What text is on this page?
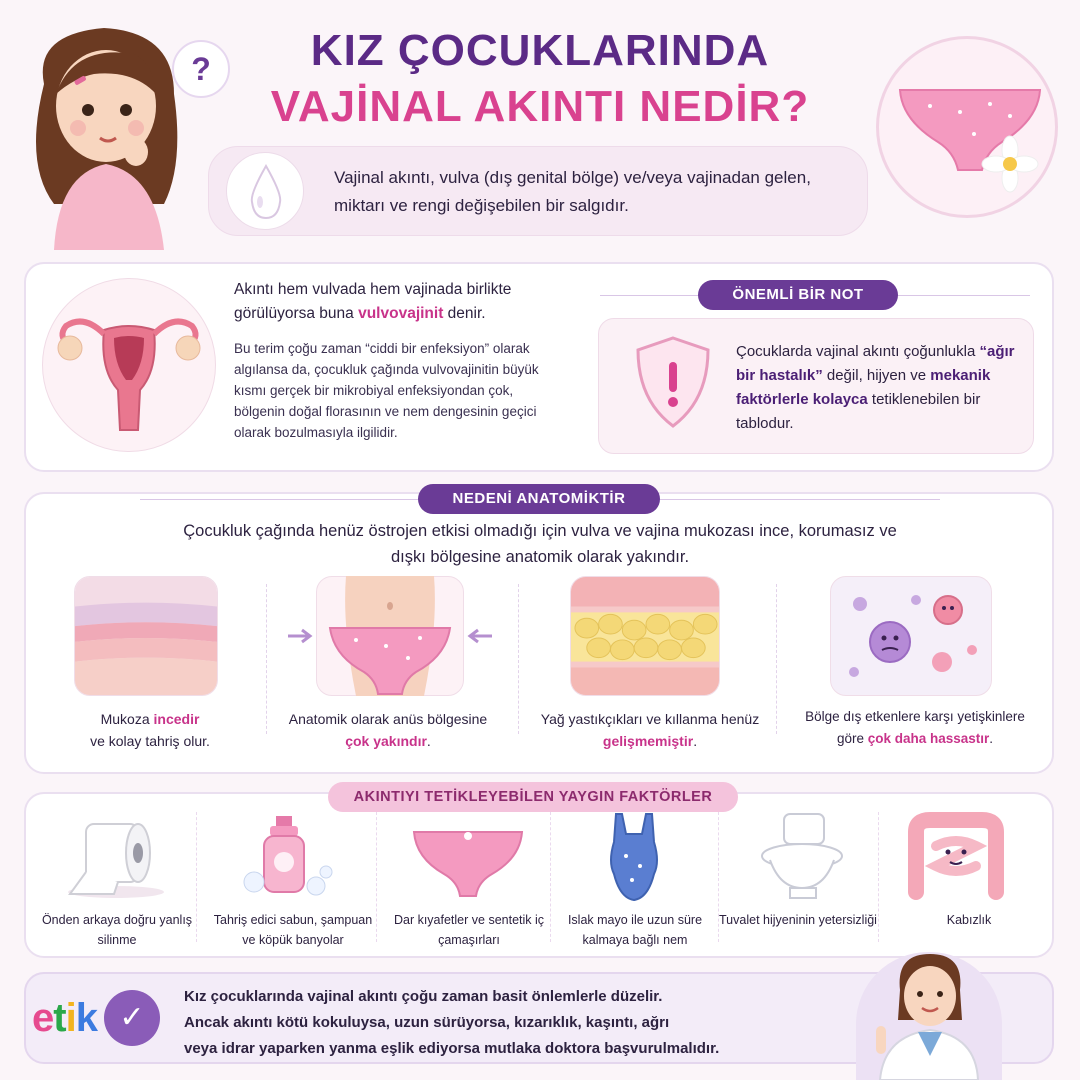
KIZ ÇOCUKLARINDA
VAJİNAL AKINTI NEDİR?
?
Vajinal akıntı, vulva (dış genital bölge) ve/veya vajinadan gelen, miktarı ve rengi değişebilen bir salgıdır.
Akıntı hem vulvada hem vajinada birlikte görülüyorsa buna vulvovajinit denir.
Bu terim çoğu zaman “ciddi bir enfeksiyon” olarak algılansa da, çocukluk çağında vulvovajinitin büyük kısmı gerçek bir mikrobiyal enfeksiyondan çok, bölgenin doğal florasının ve nem dengesinin geçici olarak bozulmasıyla ilgilidir.
ÖNEMLİ BİR NOT
Çocuklarda vajinal akıntı çoğunlukla “ağır bir hastalık” değil, hijyen ve mekanik faktörlerle kolayca tetiklenebilen bir tablodur.
NEDENİ ANATOMİKTİR
Çocukluk çağında henüz östrojen etkisi olmadığı için vulva ve vajina mukozası ince, korumasız ve dışkı bölgesine anatomik olarak yakındır.
Mukoza incedir
ve kolay tahriş olur.
Anatomik olarak anüs bölgesine çok yakındır.
Yağ yastıkçıkları ve kıllanma henüz gelişmemiştir.
Bölge dış etkenlere karşı yetişkinlere göre çok daha hassastır.
AKINTIYI TETİKLEYEBİLEN YAYGIN FAKTÖRLER
Önden arkaya doğru yanlış silinme
Tahriş edici sabun, şampuan ve köpük banyolar
Dar kıyafetler ve sentetik iç çamaşırları
Islak mayo ile uzun süre kalmaya bağlı nem
Tuvalet hijyeninin yetersizliği	Kabızlık
etik ✓
Kız çocuklarında vajinal akıntı çoğu zaman basit önlemlerle düzelir.
Ancak akıntı kötü kokuluysa, uzun sürüyorsa, kızarıklık, kaşıntı, ağrı
veya idrar yaparken yanma eşlik ediyorsa mutlaka doktora başvurulmalıdır.
